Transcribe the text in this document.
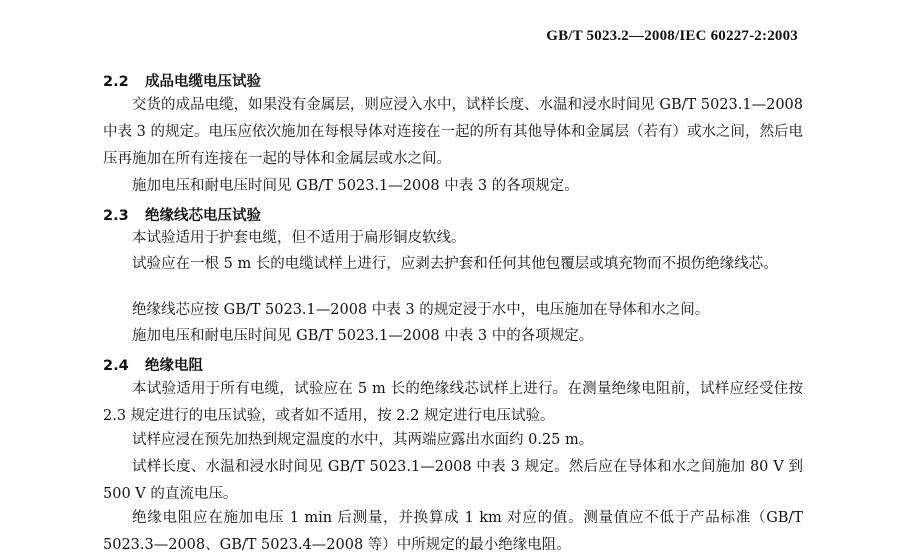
GB/T 5023.2—2008/IEC 60227-2:2003
2.2 成品电缆电压试验
交货的成品电缆，如果没有金属层，则应浸入水中，试样长度、水温和浸水时间见 GB/T 5023.1—2008 中表 3 的规定。电压应依次施加在每根导体对连接在一起的所有其他导体和金属层（若有）或水之间，然后电压再施加在所有连接在一起的导体和金属层或水之间。
施加电压和耐电压时间见 GB/T 5023.1—2008 中表 3 的各项规定。
2.3 绝缘线芯电压试验
本试验适用于护套电缆，但不适用于扁形铜皮软线。
试验应在一根 5 m 长的电缆试样上进行，应剥去护套和任何其他包覆层或填充物而不损伤绝缘线芯。
绝缘线芯应按 GB/T 5023.1—2008 中表 3 的规定浸于水中，电压施加在导体和水之间。
施加电压和耐电压时间见 GB/T 5023.1—2008 中表 3 中的各项规定。
2.4 绝缘电阻
本试验适用于所有电缆，试验应在 5 m 长的绝缘线芯试样上进行。在测量绝缘电阻前，试样应经受住按 2.3 规定进行的电压试验，或者如不适用，按 2.2 规定进行电压试验。
试样应浸在预先加热到规定温度的水中，其两端应露出水面约 0.25 m。
试样长度、水温和浸水时间见 GB/T 5023.1—2008 中表 3 规定。然后应在导体和水之间施加 80 V 到 500 V 的直流电压。
绝缘电阻应在施加电压 1 min 后测量，并换算成 1 km 对应的值。测量值应不低于产品标准（GB/T 5023.3—2008、GB/T 5023.4—2008 等）中所规定的最小绝缘电阻。
